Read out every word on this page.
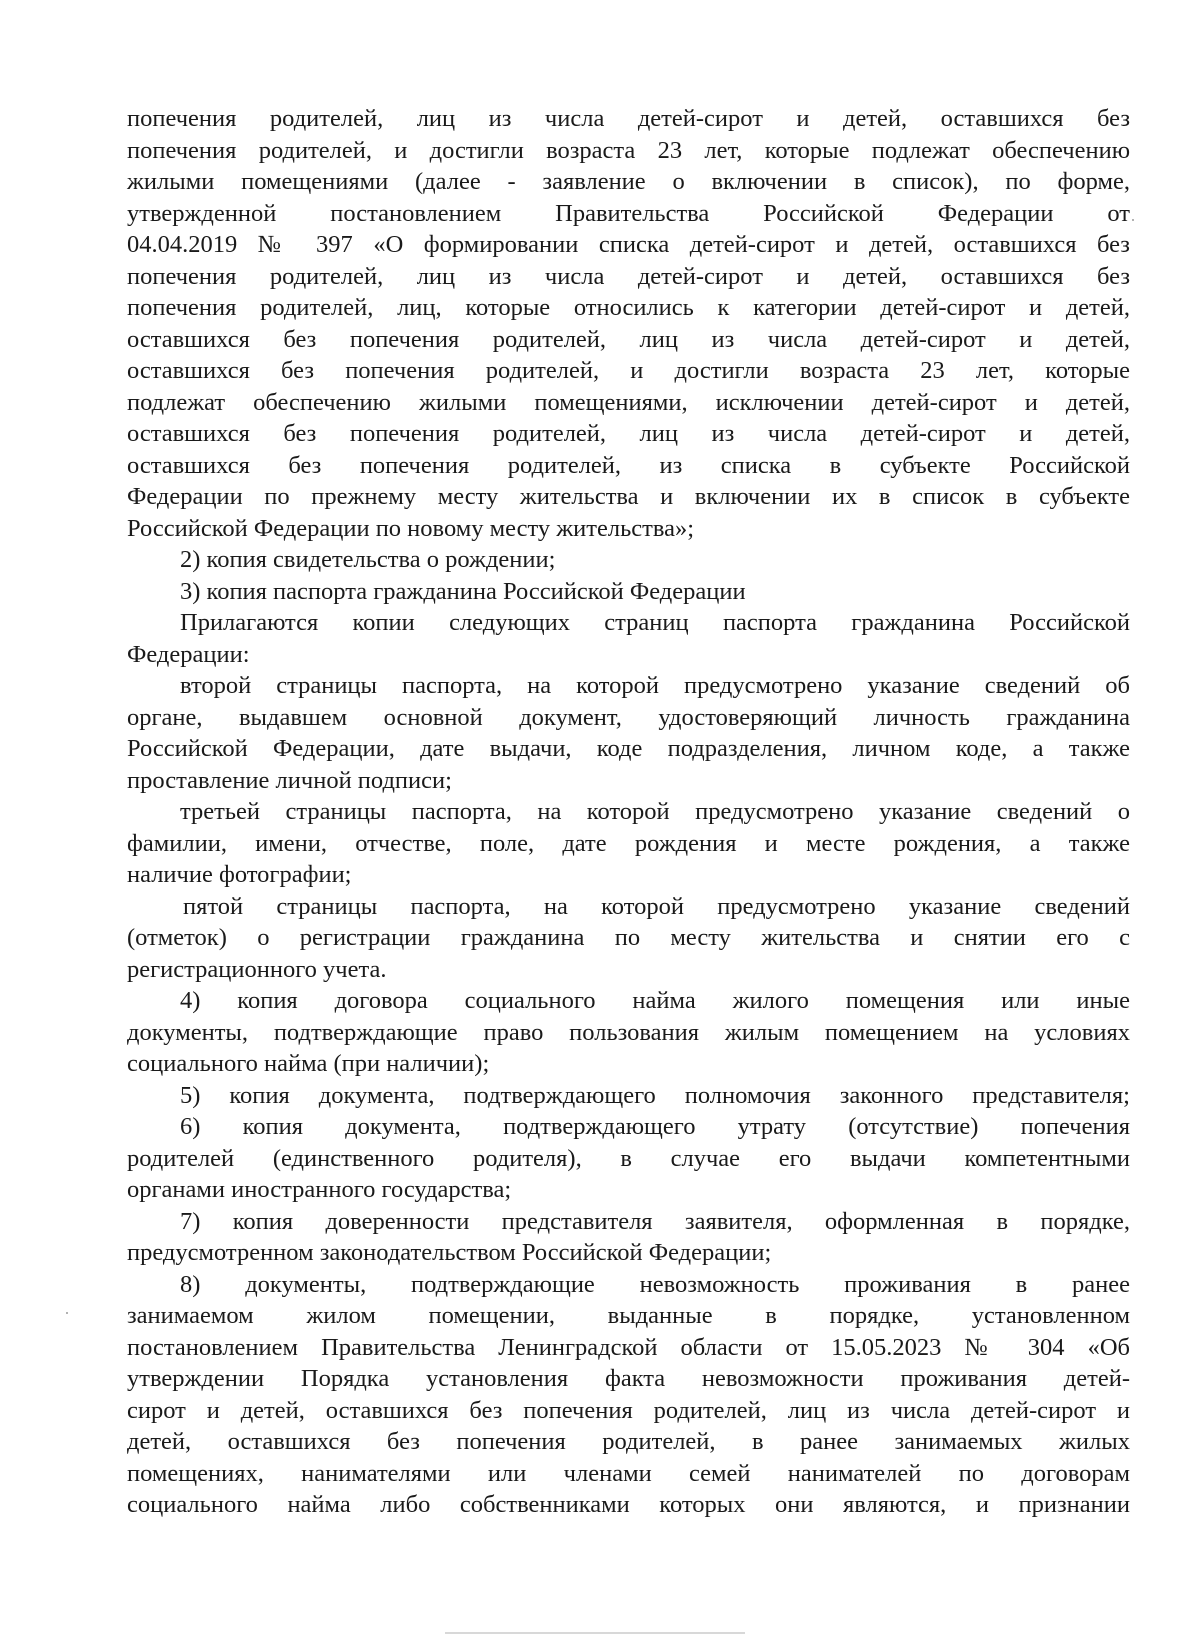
попечения родителей, лиц из числа детей-сирот и детей, оставшихся без
попечения родителей, и достигли возраста 23 лет, которые подлежат обеспечению
жилыми помещениями (далее - заявление о включении в список), по форме,
утвержденной постановлением Правительства Российской Федерации от
04.04.2019 № 397 «О формировании списка детей-сирот и детей, оставшихся без
попечения родителей, лиц из числа детей-сирот и детей, оставшихся без
попечения родителей, лиц, которые относились к категории детей-сирот и детей,
оставшихся без попечения родителей, лиц из числа детей-сирот и детей,
оставшихся без попечения родителей, и достигли возраста 23 лет, которые
подлежат обеспечению жилыми помещениями, исключении детей-сирот и детей,
оставшихся без попечения родителей, лиц из числа детей-сирот и детей,
оставшихся без попечения родителей, из списка в субъекте Российской
Федерации по прежнему месту жительства и включении их в список в субъекте
Российской Федерации по новому месту жительства»;
2) копия свидетельства о рождении;
3) копия паспорта гражданина Российской Федерации
Прилагаются копии следующих страниц паспорта гражданина Российской
Федерации:
второй страницы паспорта, на которой предусмотрено указание сведений об
органе, выдавшем основной документ, удостоверяющий личность гражданина
Российской Федерации, дате выдачи, коде подразделения, личном коде, а также
проставление личной подписи;
третьей страницы паспорта, на которой предусмотрено указание сведений о
фамилии, имени, отчестве, поле, дате рождения и месте рождения, а также
наличие фотографии;
пятой страницы паспорта, на которой предусмотрено указание сведений
(отметок) о регистрации гражданина по месту жительства и снятии его с
регистрационного учета.
4) копия договора социального найма жилого помещения или иные
документы, подтверждающие право пользования жилым помещением на условиях
социального найма (при наличии);
5) копия документа, подтверждающего полномочия законного представителя;
6) копия документа, подтверждающего утрату (отсутствие) попечения
родителей (единственного родителя), в случае его выдачи компетентными
органами иностранного государства;
7) копия доверенности представителя заявителя, оформленная в порядке,
предусмотренном законодательством Российской Федерации;
8) документы, подтверждающие невозможность проживания в ранее
занимаемом жилом помещении, выданные в порядке, установленном
постановлением Правительства Ленинградской области от 15.05.2023 № 304 «Об
утверждении Порядка установления факта невозможности проживания детей-
сирот и детей, оставшихся без попечения родителей, лиц из числа детей-сирот и
детей, оставшихся без попечения родителей, в ранее занимаемых жилых
помещениях, нанимателями или членами семей нанимателей по договорам
социального найма либо собственниками которых они являются, и признании
